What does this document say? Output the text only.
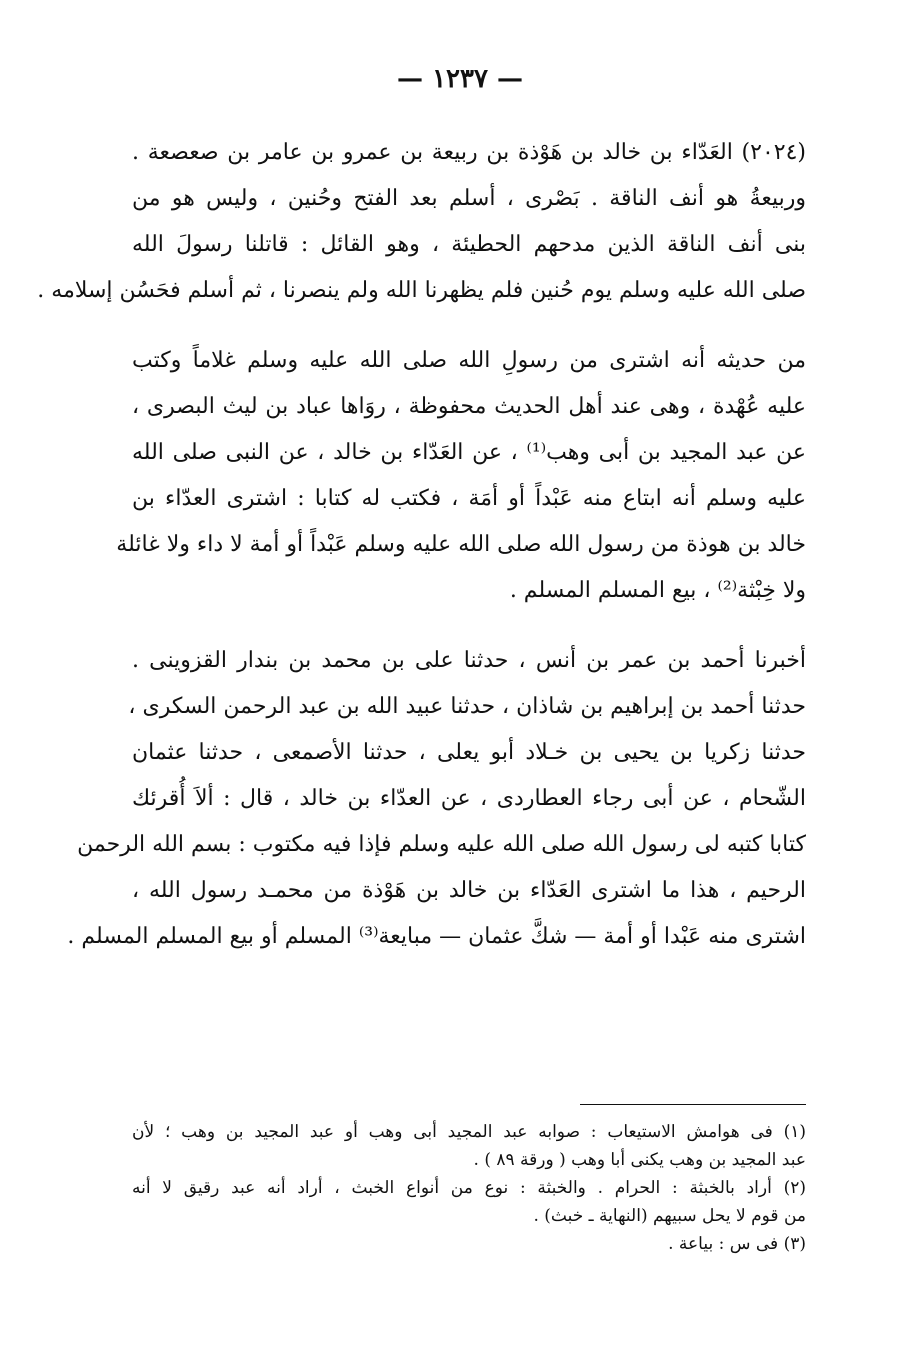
— ١٢٣٧ —
(٢٠٢٤) العَدّاء بن خالد بن هَوْذة بن ربيعة بن عمرو بن عامر بن صعصعة .
وربيعةُ هو أنف الناقة . بَصْرى ، أسلم بعد الفتح وحُنين ، وليس هو من
بنى أنف الناقة الذين مدحهم الحطيئة ، وهو القائل : قاتلنا رسولَ الله
صلى الله عليه وسلم يوم حُنين فلم يظهرنا الله ولم ينصرنا ، ثم أسلم فحَسُن إسلامه .
من حديثه أنه اشترى من رسولِ الله صلى الله عليه وسلم غلاماً وكتب
عليه عُهْدة ، وهى عند أهل الحديث محفوظة ، روَاها عباد بن ليث البصرى ،
عن عبد المجيد بن أبى وهب⁽¹⁾ ، عن العَدّاء بن خالد ، عن النبى صلى الله
عليه وسلم أنه ابتاع منه عَبْداً أو أمَة ، فكتب له كتابا : اشترى العدّاء بن
خالد بن هوذة من رسول الله صلى الله عليه وسلم عَبْداً أو أمة لا داء ولا غائلة
ولا خِبْثة⁽²⁾ ، بيع المسلم المسلم .
أخبرنا أحمد بن عمر بن أنس ، حدثنا على بن محمد بن بندار القزوينى .
حدثنا أحمد بن إبراهيم بن شاذان ، حدثنا عبيد الله بن عبد الرحمن السكرى ،
حدثنا زكريا بن يحيى بن خـلاد أبو يعلى ، حدثنا الأصمعى ، حدثنا عثمان
الشّحام ، عن أبى رجاء العطاردى ، عن العدّاء بن خالد ، قال : ألاَ أُقرئك
كتابا كتبه لى رسول الله صلى الله عليه وسلم فإذا فيه مكتوب : بسم الله الرحمن
الرحيم ، هذا ما اشترى العَدّاء بن خالد بن هَوْذة من محمـد رسول الله ،
اشترى منه عَبْدا أو أمة — شكَّ عثمان — مبايعة⁽³⁾ المسلم أو بيع المسلم المسلم .
(١) فى هوامش الاستيعاب : صوابه عبد المجيد أبى وهب أو عبد المجيد بن وهب ؛ لأن
عبد المجيد بن وهب يكنى أبا وهب ( ورقة ٨٩ ) .
(٢) أراد بالخبثة : الحرام . والخبثة : نوع من أنواع الخبث ، أراد أنه عبد رقيق لا أنه
من قوم لا يحل سبيهم (النهاية ـ خبث) .
(٣) فى س : بياعة .
